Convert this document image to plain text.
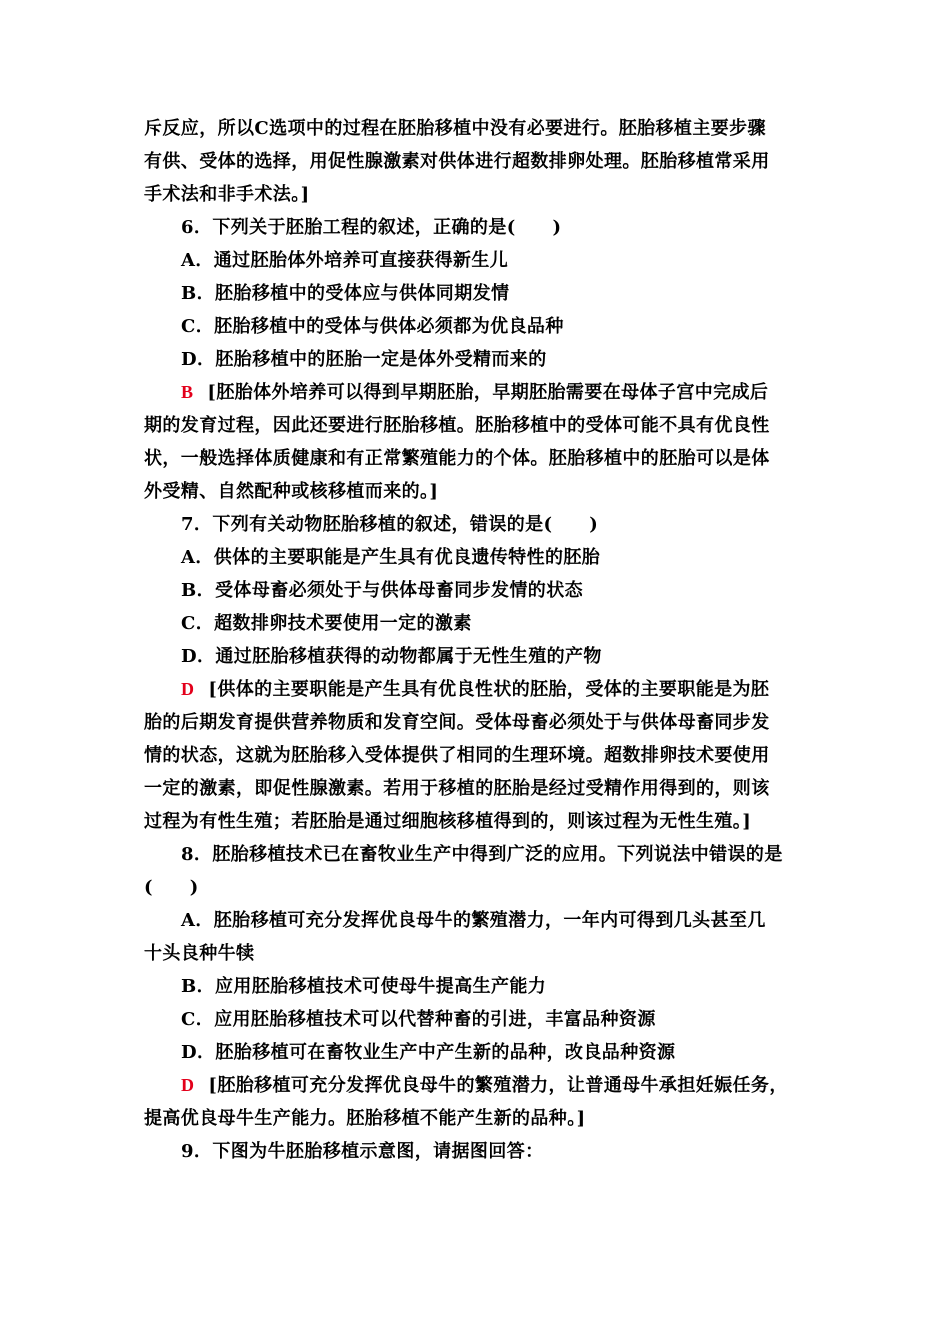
斥反应，所以C选项中的过程在胚胎移植中没有必要进行。胚胎移植主要步骤
有供、受体的选择，用促性腺激素对供体进行超数排卵处理。胚胎移植常采用
手术法和非手术法。]
6．下列关于胚胎工程的叙述，正确的是(　　)
A．通过胚胎体外培养可直接获得新生儿
B．胚胎移植中的受体应与供体同期发情
C．胚胎移植中的受体与供体必须都为优良品种
D．胚胎移植中的胚胎一定是体外受精而来的
B [胚胎体外培养可以得到早期胚胎，早期胚胎需要在母体子宫中完成后
期的发育过程，因此还要进行胚胎移植。胚胎移植中的受体可能不具有优良性
状，一般选择体质健康和有正常繁殖能力的个体。胚胎移植中的胚胎可以是体
外受精、自然配种或核移植而来的。]
7．下列有关动物胚胎移植的叙述，错误的是(　　)
A．供体的主要职能是产生具有优良遗传特性的胚胎
B．受体母畜必须处于与供体母畜同步发情的状态
C．超数排卵技术要使用一定的激素
D．通过胚胎移植获得的动物都属于无性生殖的产物
D [供体的主要职能是产生具有优良性状的胚胎，受体的主要职能是为胚
胎的后期发育提供营养物质和发育空间。受体母畜必须处于与供体母畜同步发
情的状态，这就为胚胎移入受体提供了相同的生理环境。超数排卵技术要使用
一定的激素，即促性腺激素。若用于移植的胚胎是经过受精作用得到的，则该
过程为有性生殖；若胚胎是通过细胞核移植得到的，则该过程为无性生殖。]
8．胚胎移植技术已在畜牧业生产中得到广泛的应用。下列说法中错误的是
(　　)
A．胚胎移植可充分发挥优良母牛的繁殖潜力，一年内可得到几头甚至几
十头良种牛犊
B．应用胚胎移植技术可使母牛提高生产能力
C．应用胚胎移植技术可以代替种畜的引进，丰富品种资源
D．胚胎移植可在畜牧业生产中产生新的品种，改良品种资源
D [胚胎移植可充分发挥优良母牛的繁殖潜力，让普通母牛承担妊娠任务，
提高优良母牛生产能力。胚胎移植不能产生新的品种。]
9．下图为牛胚胎移植示意图，请据图回答：
